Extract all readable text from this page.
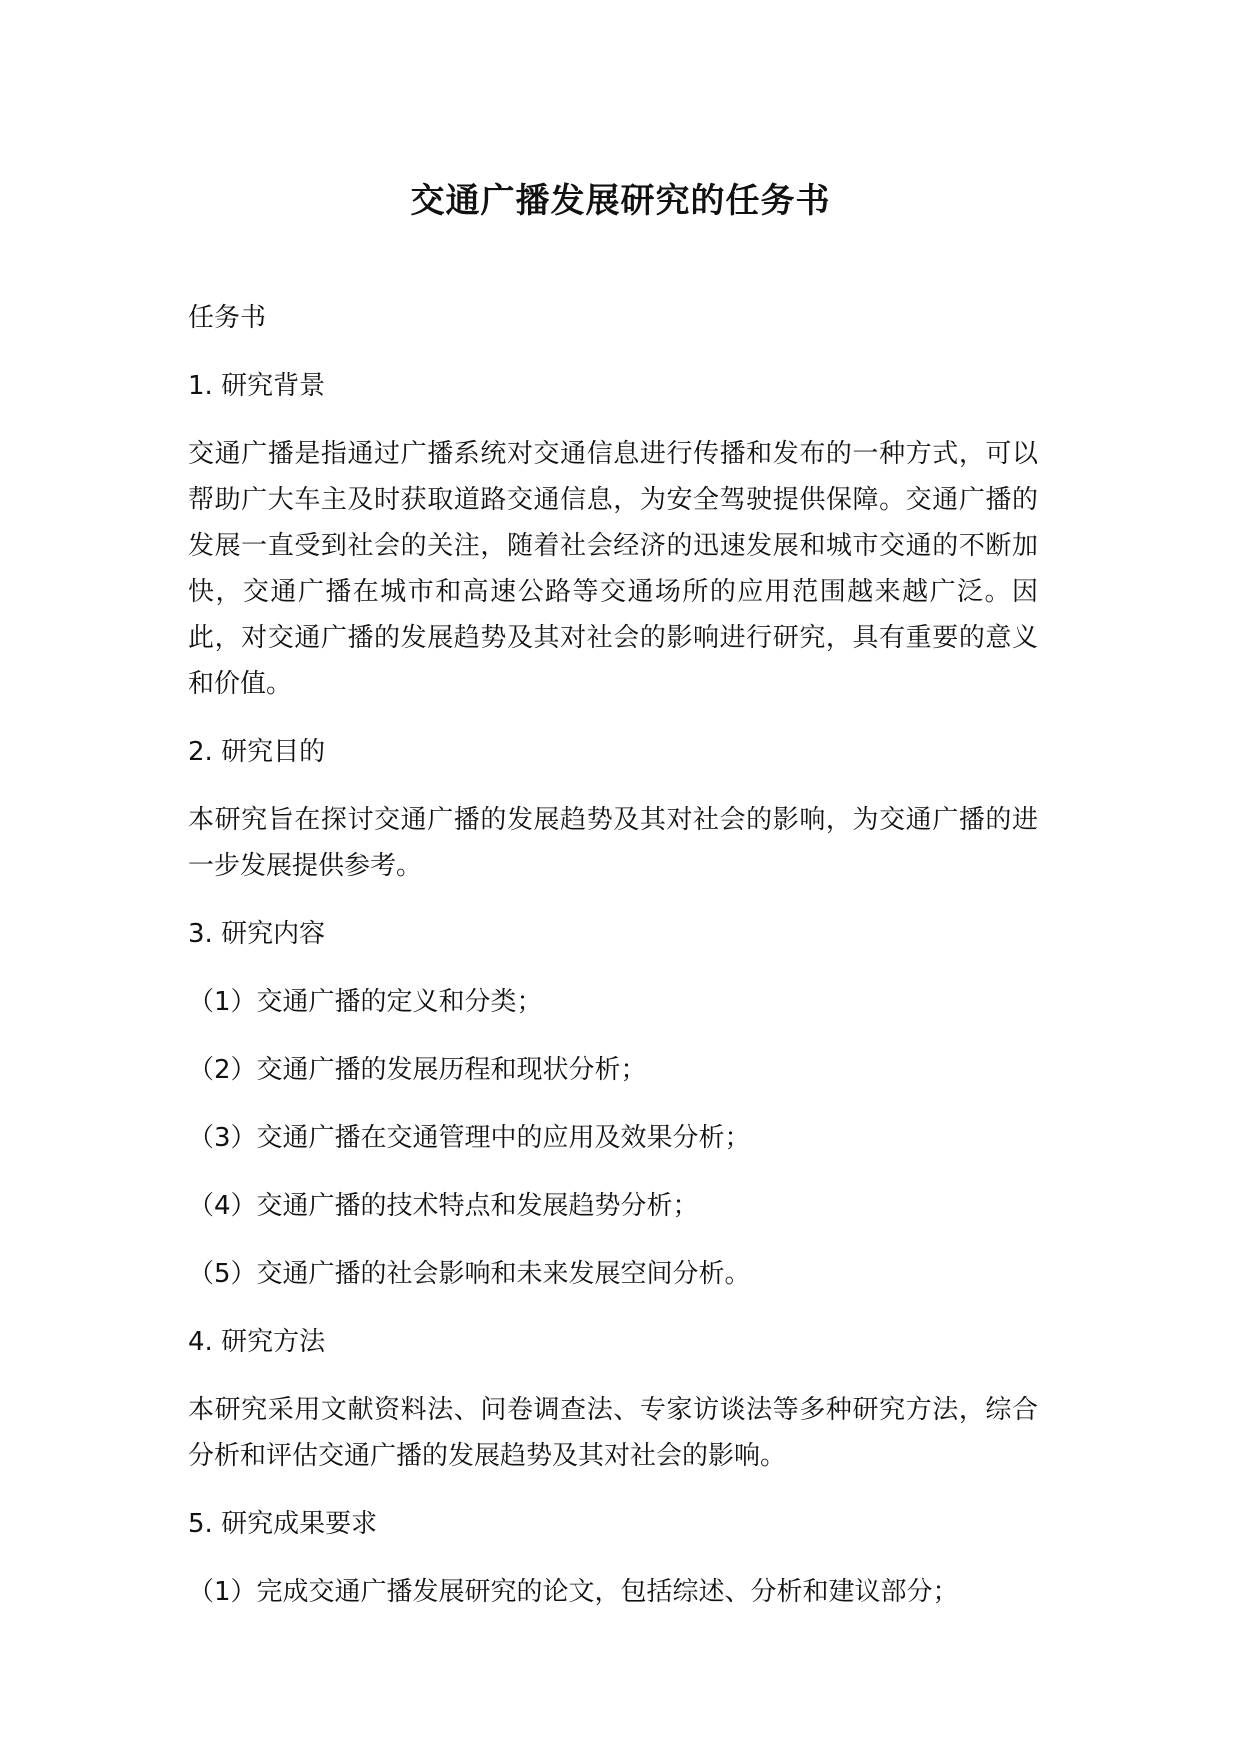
交通广播发展研究的任务书

任务书

1. 研究背景

交通广播是指通过广播系统对交通信息进行传播和发布的一种方式，可以帮助广大车主及时获取道路交通信息，为安全驾驶提供保障。交通广播的发展一直受到社会的关注，随着社会经济的迅速发展和城市交通的不断加快，交通广播在城市和高速公路等交通场所的应用范围越来越广泛。因此，对交通广播的发展趋势及其对社会的影响进行研究，具有重要的意义和价值。

2. 研究目的

本研究旨在探讨交通广播的发展趋势及其对社会的影响，为交通广播的进一步发展提供参考。

3. 研究内容

（1）交通广播的定义和分类；

（2）交通广播的发展历程和现状分析；

（3）交通广播在交通管理中的应用及效果分析；

（4）交通广播的技术特点和发展趋势分析；

（5）交通广播的社会影响和未来发展空间分析。

4. 研究方法

本研究采用文献资料法、问卷调查法、专家访谈法等多种研究方法，综合分析和评估交通广播的发展趋势及其对社会的影响。

5. 研究成果要求

（1）完成交通广播发展研究的论文，包括综述、分析和建议部分；
